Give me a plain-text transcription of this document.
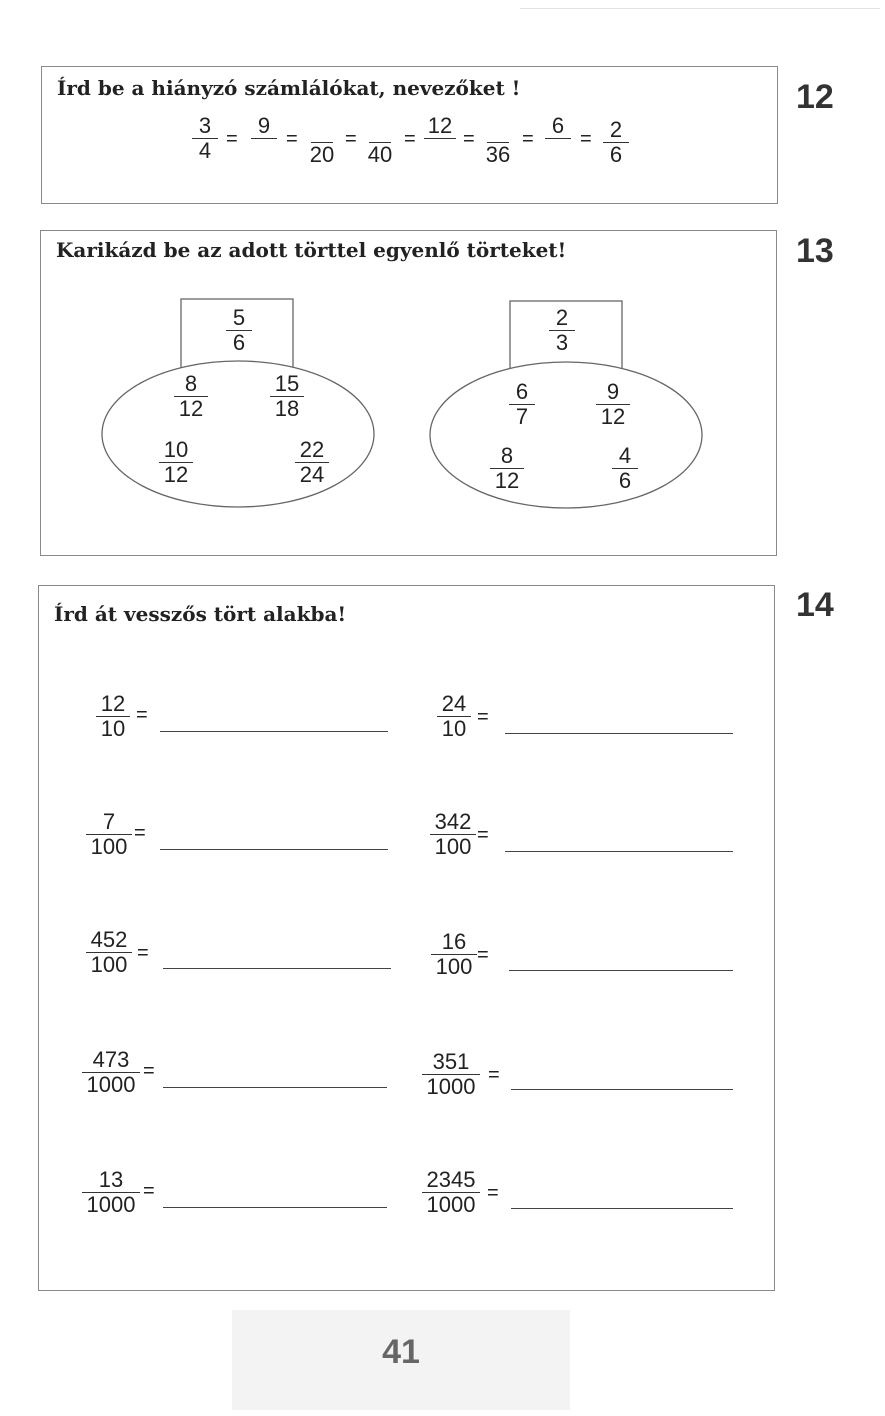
12
Írd be a hiányzó számlálókat, nevezőket !
3
4 =
9
=
20
=
40
=
12
=
36
=
6
= 2
6
13
Karikázd be az adott törttel egyenlő törteket!
5
6
8
12
15
18
10
12
22
24
2
3
6
7
9
12
8
12
4
6
14
Írd át vesszős tört alakba!
12
10
=	24
10 =
7
100
=	342
100 =
452
100 =	16
100 =
473
1000
=	351
1000 =
13
1000
=	2345
1000 =
41
